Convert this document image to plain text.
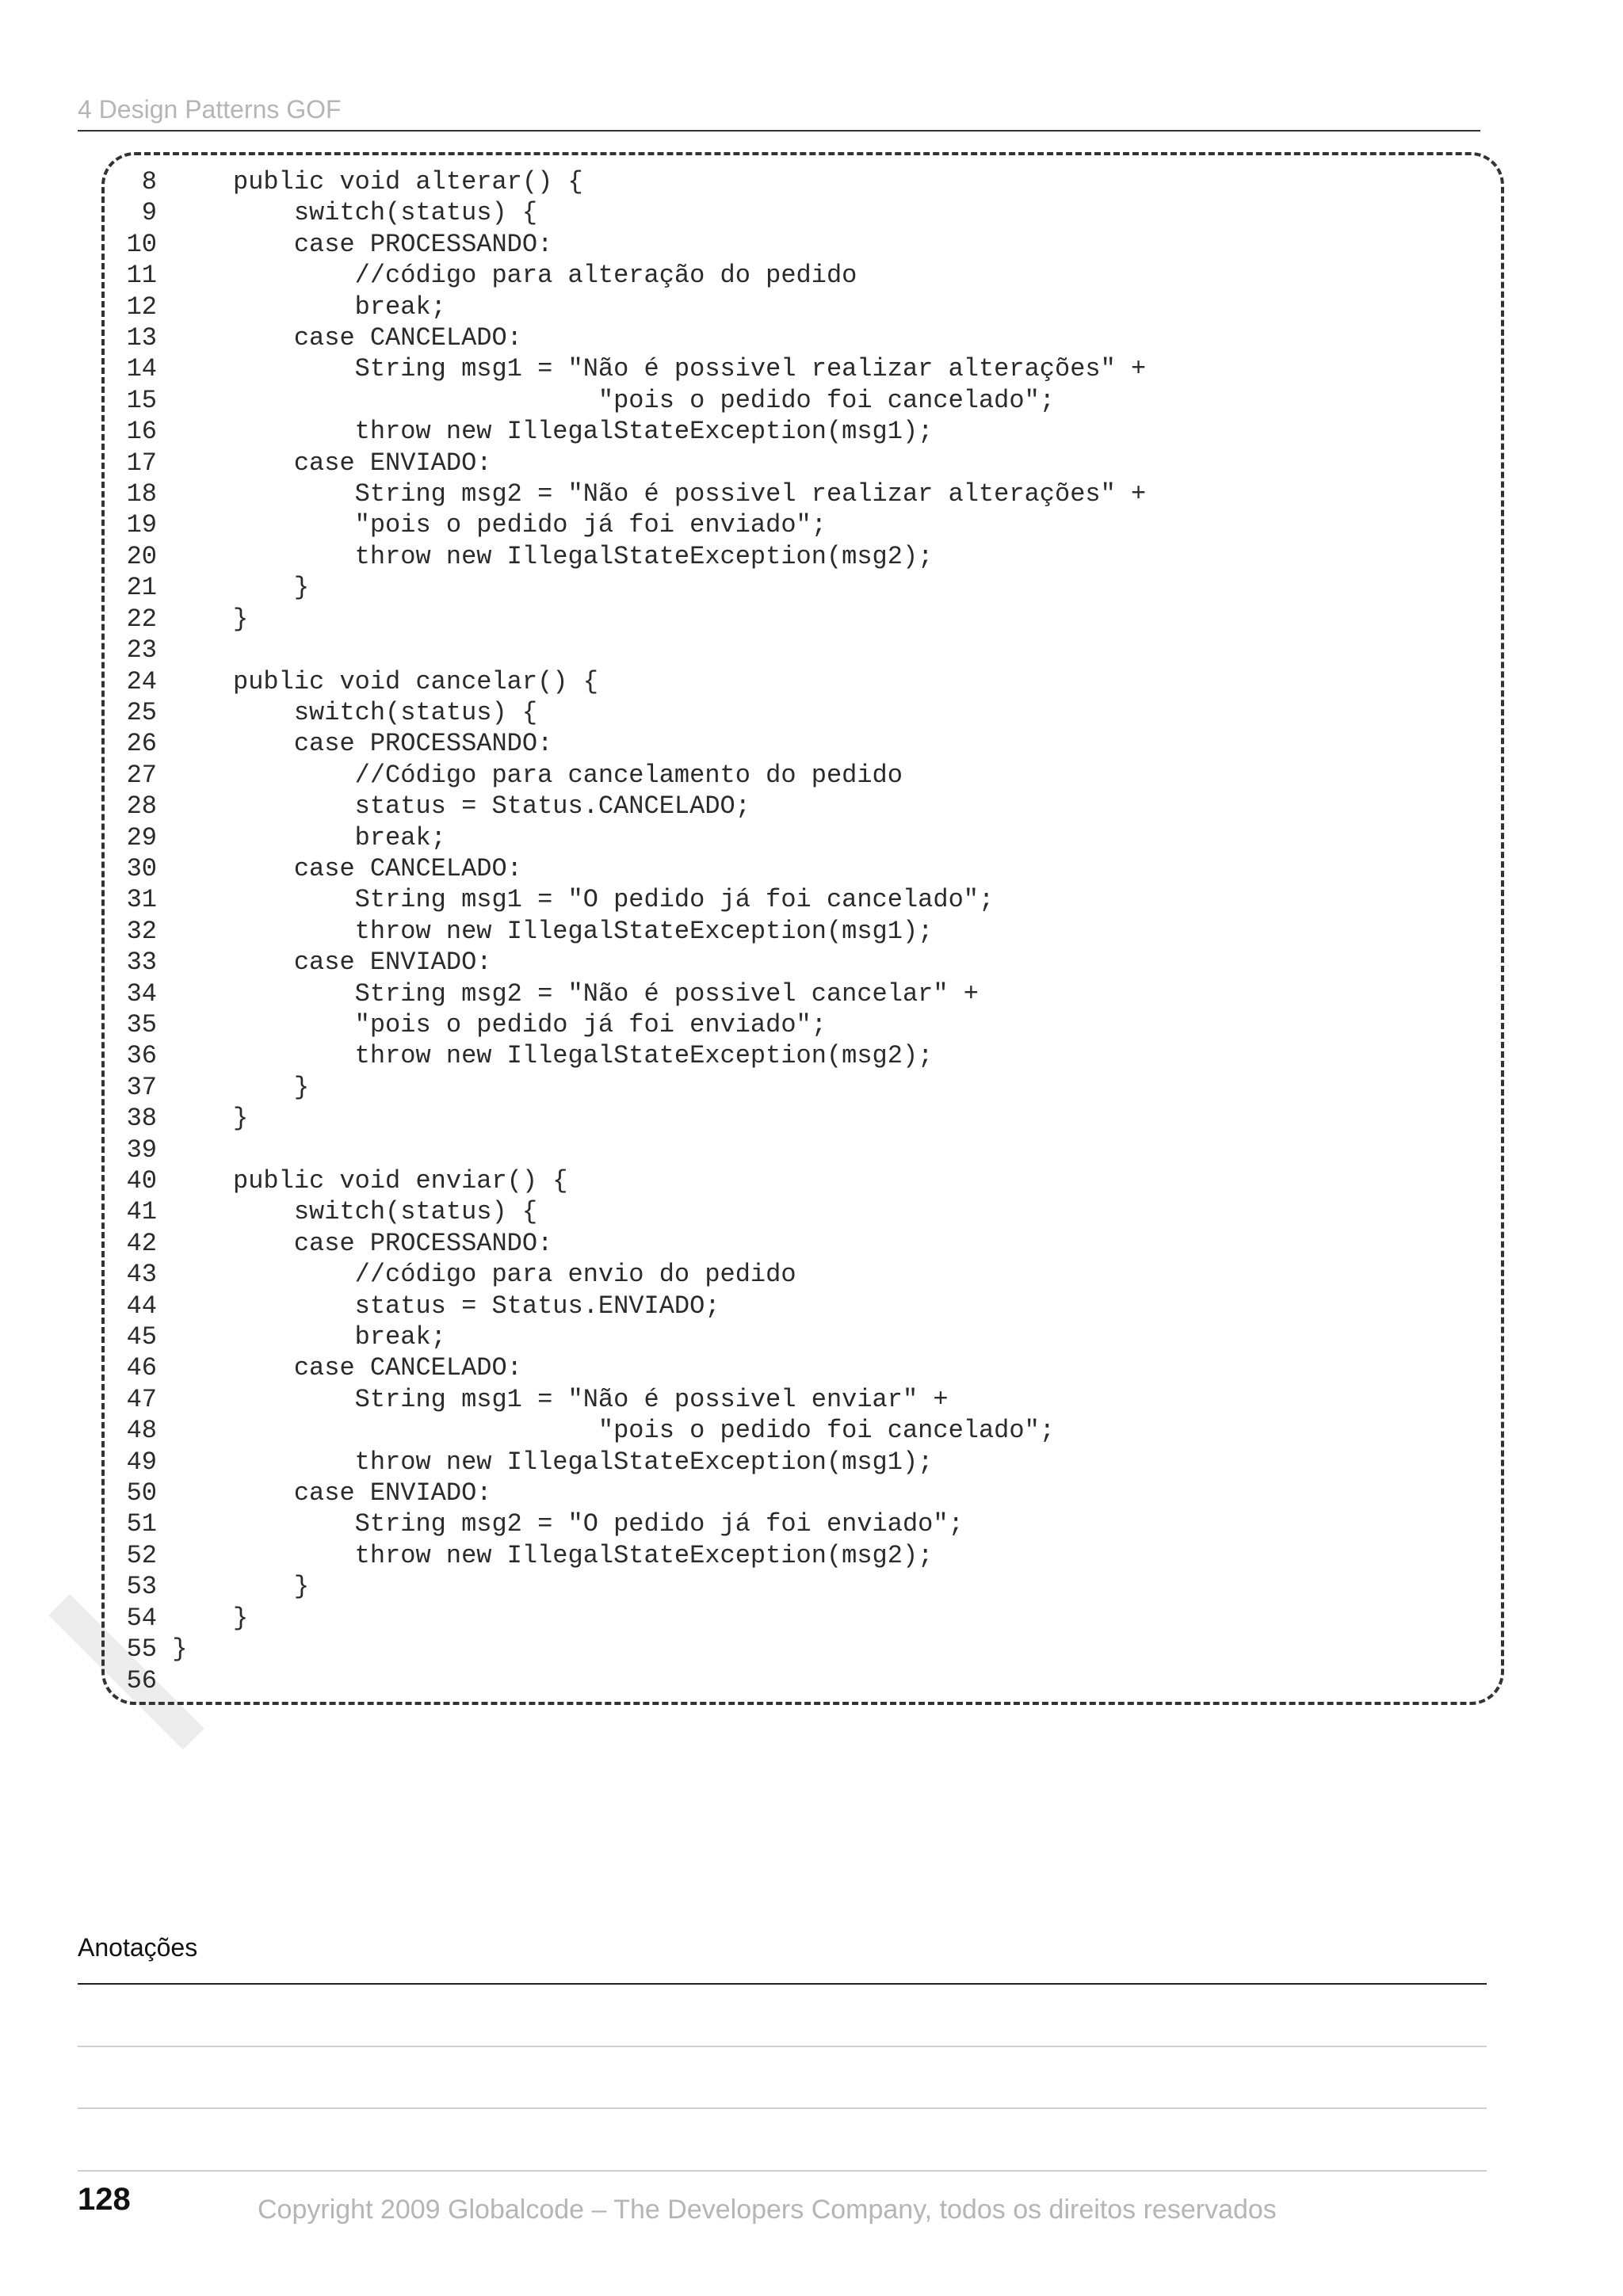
4 Design Patterns GOF
8     public void alterar() {
9         switch(status) {
10         case PROCESSANDO:
11             //código para alteração do pedido
12             break;
13         case CANCELADO:
14             String msg1 = "Não é possivel realizar alterações" +
15                             "pois o pedido foi cancelado";
16             throw new IllegalStateException(msg1);
17         case ENVIADO:
18             String msg2 = "Não é possivel realizar alterações" +
19             "pois o pedido já foi enviado";
20             throw new IllegalStateException(msg2);
21         }
22     }
23
24     public void cancelar() {
25         switch(status) {
26         case PROCESSANDO:
27             //Código para cancelamento do pedido
28             status = Status.CANCELADO;
29             break;
30         case CANCELADO:
31             String msg1 = "O pedido já foi cancelado";
32             throw new IllegalStateException(msg1);
33         case ENVIADO:
34             String msg2 = "Não é possivel cancelar" +
35             "pois o pedido já foi enviado";
36             throw new IllegalStateException(msg2);
37         }
38     }
39
40     public void enviar() {
41         switch(status) {
42         case PROCESSANDO:
43             //código para envio do pedido
44             status = Status.ENVIADO;
45             break;
46         case CANCELADO:
47             String msg1 = "Não é possivel enviar" +
48                             "pois o pedido foi cancelado";
49             throw new IllegalStateException(msg1);
50         case ENVIADO:
51             String msg2 = "O pedido já foi enviado";
52             throw new IllegalStateException(msg2);
53         }
54     }
55 }
56
Anotações
128	Copyright 2009 Globalcode – The Developers Company, todos os direitos reservados
